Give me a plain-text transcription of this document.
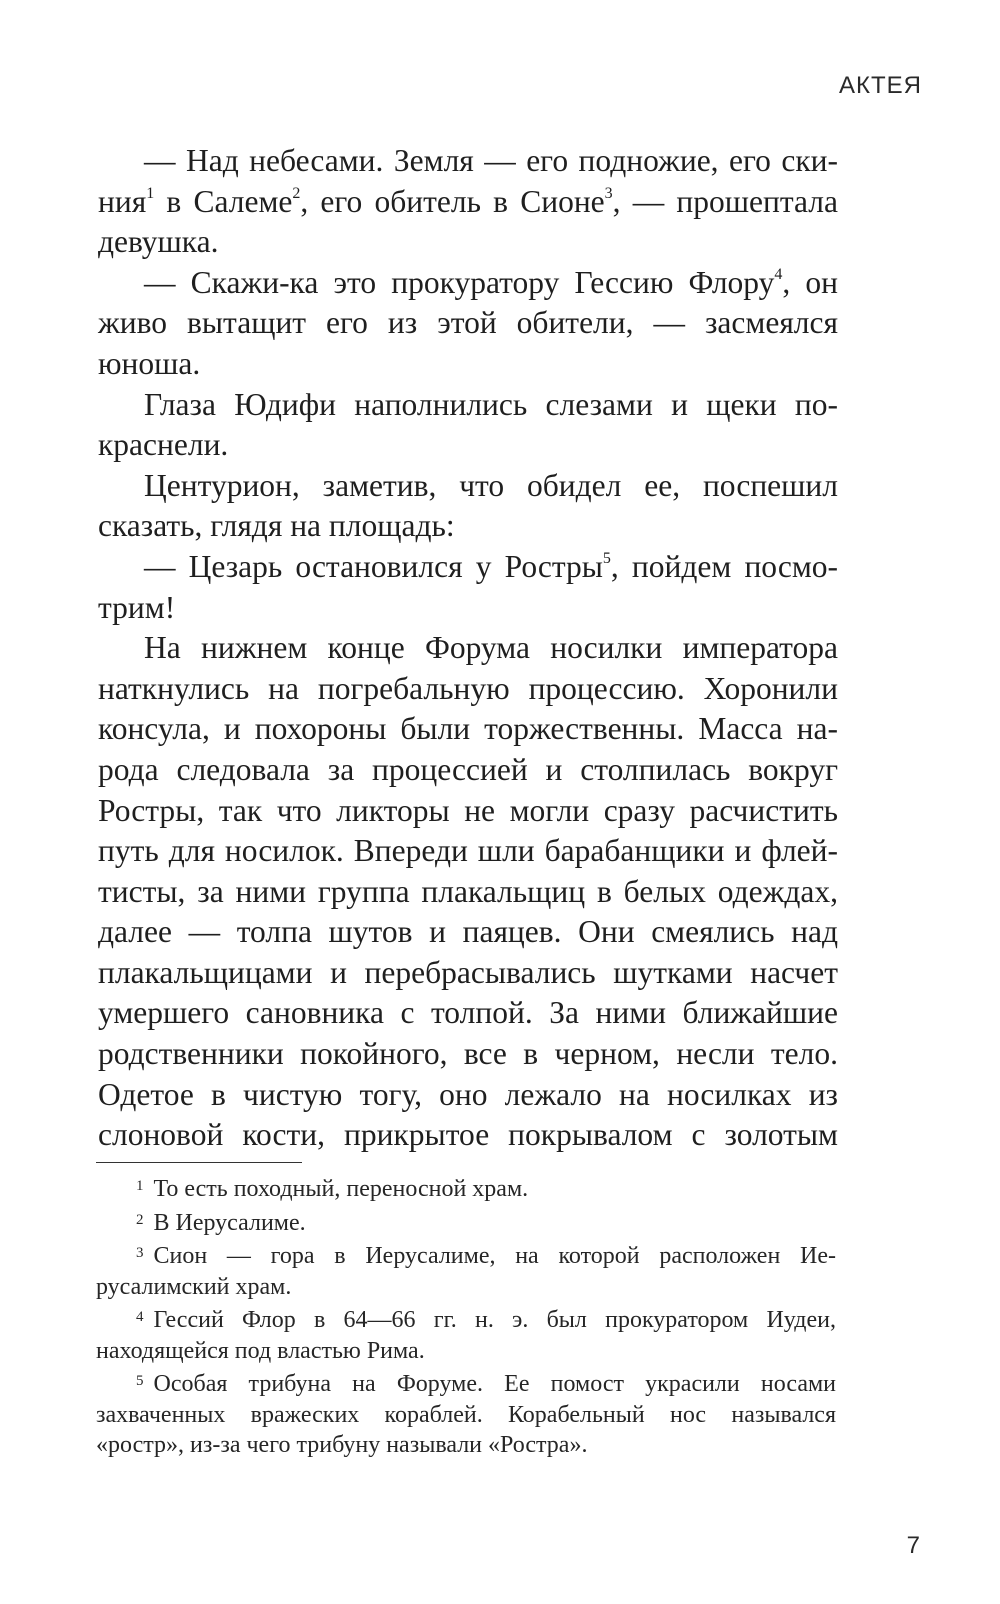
АКТЕЯ
— Над небесами. Земля — его подножие, его ски-
ния$^1$ в Салеме$^2$, его обитель в Сионе$^3$, — прошептала
девушка.
— Скажи-ка это прокуратору Гессию Флору$^4$, он
живо вытащит его из этой обители, — засмеялся
юноша.
Глаза Юдифи наполнились слезами и щеки по-
краснели.
Центурион, заметив, что обидел ее, поспешил
сказать, глядя на площадь:
— Цезарь остановился у Ростры$^5$, пойдем посмо-
трим!
На нижнем конце Форума носилки императора
наткнулись на погребальную процессию. Хоронили
консула, и похороны были торжественны. Масса на-
рода следовала за процессией и столпилась вокруг
Ростры, так что ликторы не могли сразу расчистить
путь для носилок. Впереди шли барабанщики и флей-
тисты, за ними группа плакальщиц в белых одеждах,
далее — толпа шутов и паяцев. Они смеялись над
плакальщицами и перебрасывались шутками насчет
умершего сановника с толпой. За ними ближайшие
родственники покойного, все в черном, несли тело.
Одетое в чистую тогу, оно лежало на носилках из
слоновой кости, прикрытое покрывалом с золотым
1 То есть походный, переносной храм.
2 В Иерусалиме.
3 Сион — гора в Иерусалиме, на которой расположен Ие-
русалимский храм.
4 Гессий Флор в 64—66 гг. н. э. был прокуратором Иудеи,
находящейся под властью Рима.
5 Особая трибуна на Форуме. Ее помост украсили носами
захваченных вражеских кораблей. Корабельный нос назывался
«ростр», из-за чего трибуну называли «Ростра».
7
